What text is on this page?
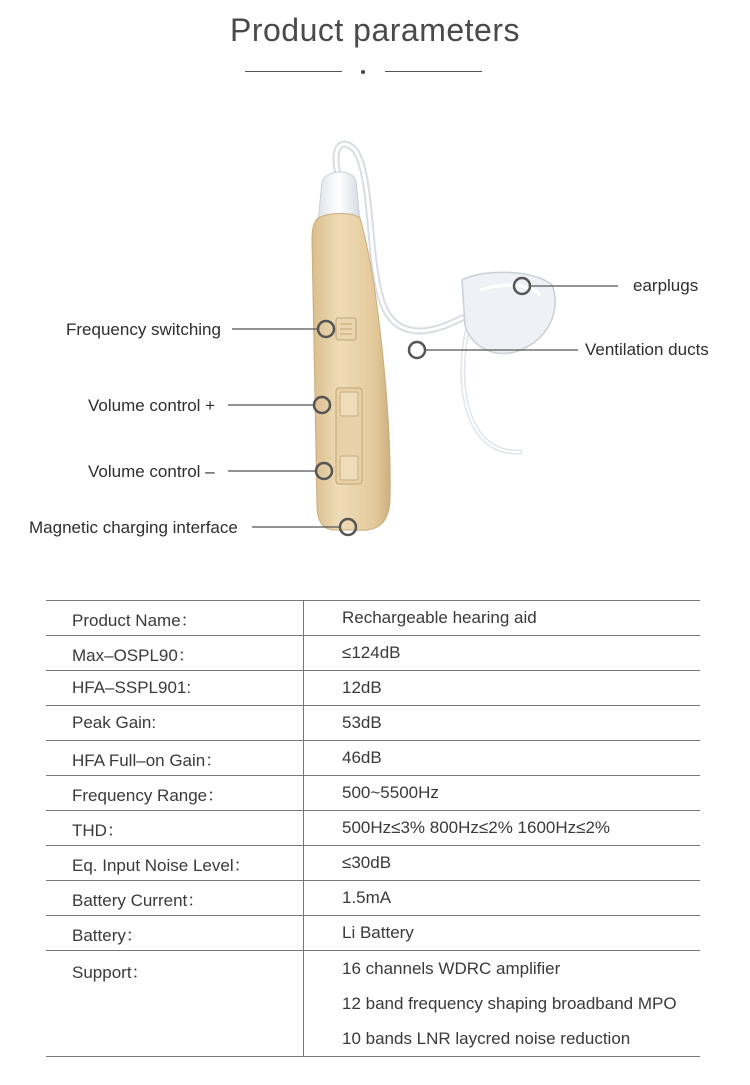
Product parameters
earplugs
Ventilation ducts
Frequency switching
Volume control +
Volume control –
Magnetic charging interface
Product Name：	Rechargeable hearing aid
Max–OSPL90：	≤124dB
HFA–SSPL901:	12dB
Peak Gain:	53dB
HFA Full–on Gain：	46dB
Frequency Range：	500~5500Hz
THD：	500Hz≤3% 800Hz≤2% 1600Hz≤2%
Eq. Input Noise Level：	≤30dB
Battery Current：	1.5mA
Battery：	Li Battery
Support：	16 channels WDRC amplifier
12 band frequency shaping broadband MPO
10 bands LNR laycred noise reduction
